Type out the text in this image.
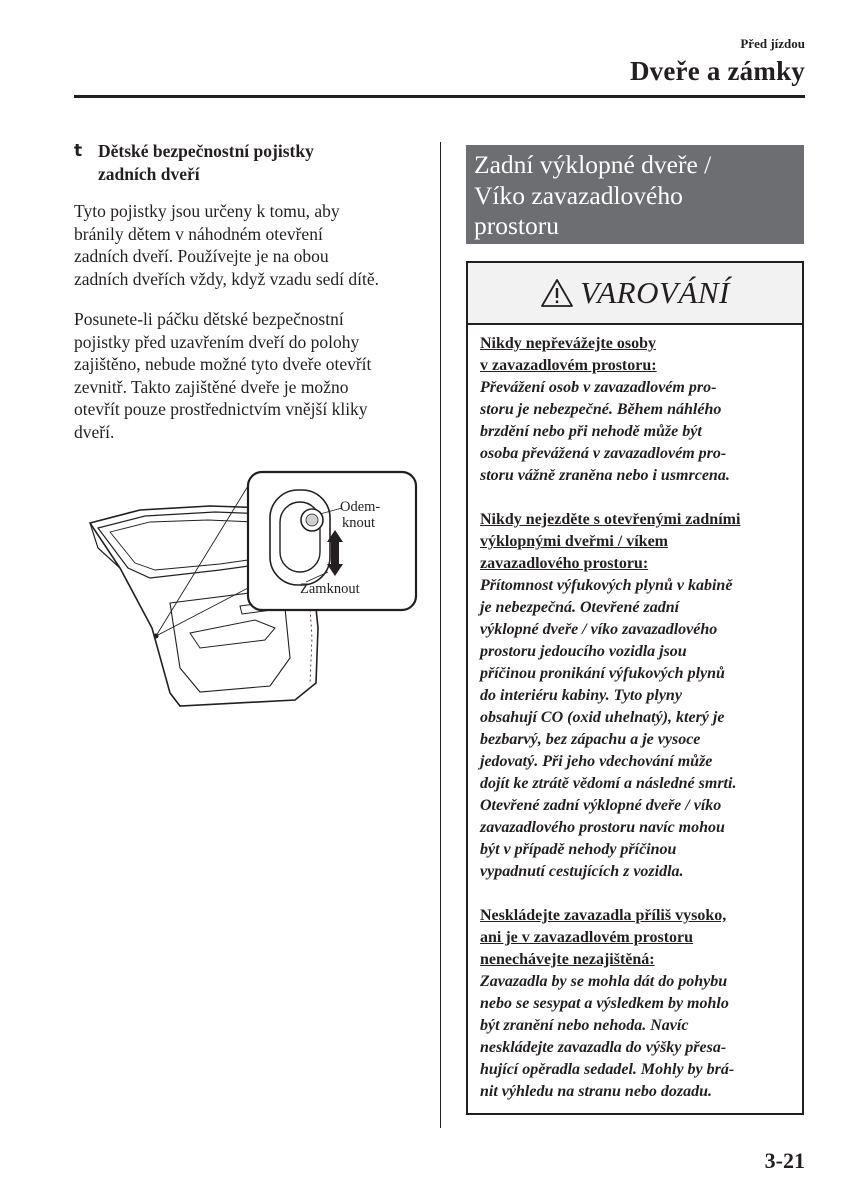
Před jízdou
Dveře a zámky
t Dětské bezpečnostní pojistky
zadních dveří

Tyto pojistky jsou určeny k tomu, aby
bránily dětem v náhodném otevření
zadních dveří. Používejte je na obou
zadních dveřích vždy, když vzadu sedí dítě.

Posunete-li páčku dětské bezpečnostní
pojistky před uzavřením dveří do polohy
zajištěno, nebude možné tyto dveře otevřít
zevnitř. Takto zajištěné dveře je možno
otevřít pouze prostřednictvím vnější kliky
dveří.

Odem-
knout
Zamknout
Zadní výklopné dveře /
Víko zavazadlového
prostoru
VAROVÁNÍ
Nikdy nepřevážejte osoby
v zavazadlovém prostoru:
Převážení osob v zavazadlovém pro-
storu je nebezpečné. Během náhlého
brzdění nebo při nehodě může být
osoba převážená v zavazadlovém pro-
storu vážně zraněna nebo i usmrcena.
Nikdy nejezděte s otevřenými zadními
výklopnými dveřmi / víkem
zavazadlového prostoru:
Přítomnost výfukových plynů v kabině
je nebezpečná. Otevřené zadní
výklopné dveře / víko zavazadlového
prostoru jedoucího vozidla jsou
příčinou pronikání výfukových plynů
do interiéru kabiny. Tyto plyny
obsahují CO (oxid uhelnatý), který je
bezbarvý, bez zápachu a je vysoce
jedovatý. Při jeho vdechování může
dojít ke ztrátě vědomí a následné smrti.
Otevřené zadní výklopné dveře / víko
zavazadlového prostoru navíc mohou
být v případě nehody příčinou
vypadnutí cestujících z vozidla.
Neskládejte zavazadla příliš vysoko,
ani je v zavazadlovém prostoru
nenechávejte nezajištěná:
Zavazadla by se mohla dát do pohybu
nebo se sesypat a výsledkem by mohlo
být zranění nebo nehoda. Navíc
neskládejte zavazadla do výšky přesa-
hující opěradla sedadel. Mohly by brá-
nit výhledu na stranu nebo dozadu.
3-21
